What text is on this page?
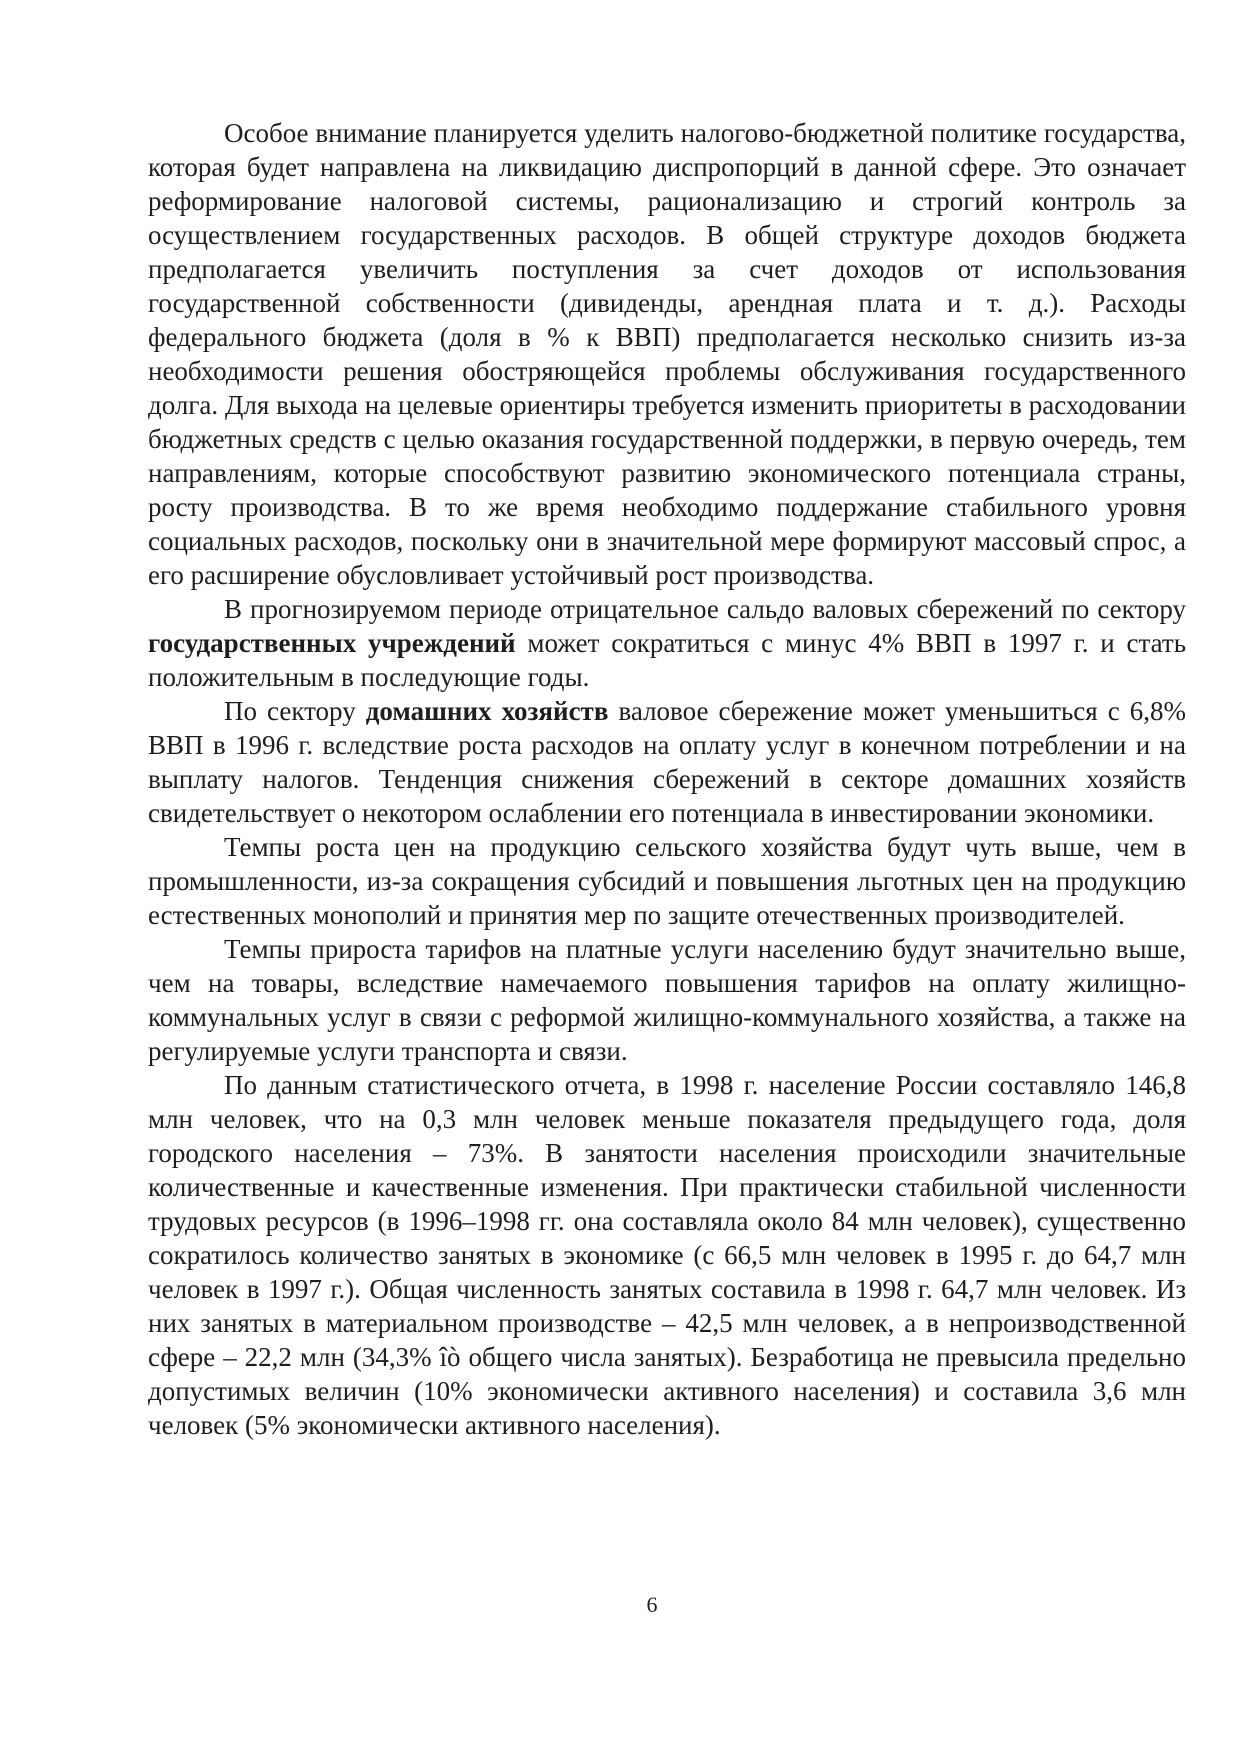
Особое внимание планируется уделить налогово-бюджетной политике государства, которая будет направлена на ликвидацию диспропорций в данной сфере. Это означает реформирование налоговой системы, рационализацию и строгий контроль за осуществлением государственных расходов. В общей структуре доходов бюджета предполагается увеличить поступления за счет доходов от использования государственной собственности (дивиденды, арендная плата и т. д.). Расходы федерального бюджета (доля в % к ВВП) предполагается несколько снизить из-за необходимости решения обостряющейся проблемы обслуживания государственного долга. Для выхода на целевые ориентиры требуется изменить приоритеты в расходовании бюджетных средств с целью оказания государственной поддержки, в первую очередь, тем направлениям, которые способствуют развитию экономического потенциала страны, росту производства. В то же время необходимо поддержание стабильного уровня социальных расходов, поскольку они в значительной мере формируют массовый спрос, а его расширение обусловливает устойчивый рост производства.

В прогнозируемом периоде отрицательное сальдо валовых сбережений по сектору государственных учреждений может сократиться с минус 4% ВВП в 1997 г. и стать положительным в последующие годы.

По сектору домашних хозяйств валовое сбережение может уменьшиться с 6,8% ВВП в 1996 г. вследствие роста расходов на оплату услуг в конечном потреблении и на выплату налогов. Тенденция снижения сбережений в секторе домашних хозяйств свидетельствует о некотором ослаблении его потенциала в инвестировании экономики.

Темпы роста цен на продукцию сельского хозяйства будут чуть выше, чем в промышленности, из-за сокращения субсидий и повышения льготных цен на продукцию естественных монополий и принятия мер по защите отечественных производителей.

Темпы прироста тарифов на платные услуги населению будут значительно выше, чем на товары, вследствие намечаемого повышения тарифов на оплату жилищно-коммунальных услуг в связи с реформой жилищно-коммунального хозяйства, а также на регулируемые услуги транспорта и связи.

По данным статистического отчета, в 1998 г. население России составляло 146,8 млн человек, что на 0,3 млн человек меньше показателя предыдущего года, доля городского населения – 73%. В занятости населения происходили значительные количественные и качественные изменения. При практически стабильной численности трудовых ресурсов (в 1996–1998 гг. она составляла около 84 млн человек), существенно сократилось количество занятых в экономике (с 66,5 млн человек в 1995 г. до 64,7 млн человек в 1997 г.). Общая численность занятых составила в 1998 г. 64,7 млн человек. Из них занятых в материальном производстве – 42,5 млн человек, а в непроизводственной сфере – 22,2 млн (34,3% îò общего числа занятых). Безработица не превысила предельно допустимых величин (10% экономически активного населения) и составила 3,6 млн человек (5% экономически активного населения).

6
